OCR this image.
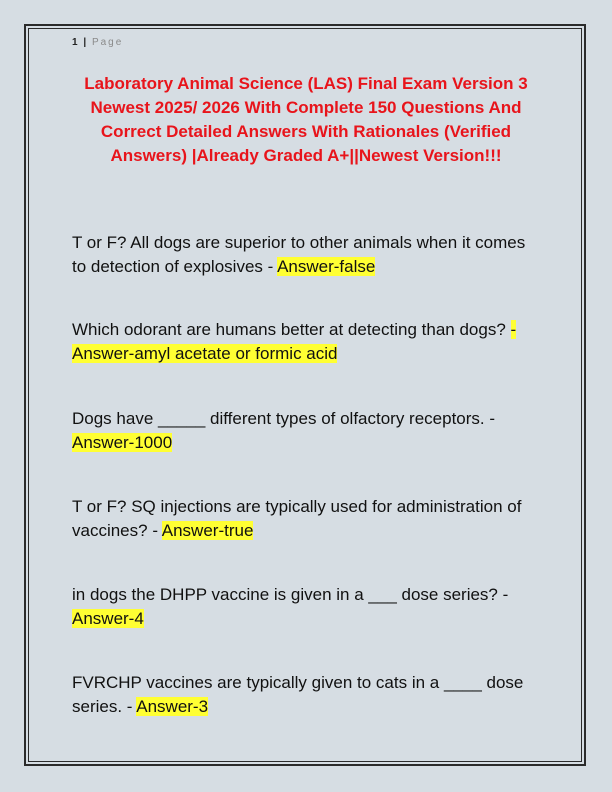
1 | Page
Laboratory Animal Science (LAS) Final Exam Version 3 Newest 2025/ 2026 With Complete 150 Questions And Correct Detailed Answers With Rationales (Verified Answers) |Already Graded A+||Newest Version!!!
T or F? All dogs are superior to other animals when it comes to detection of explosives - Answer-false
Which odorant are humans better at detecting than dogs? - Answer-amyl acetate or formic acid
Dogs have _____ different types of olfactory receptors. - Answer-1000
T or F? SQ injections are typically used for administration of vaccines? - Answer-true
in dogs the DHPP vaccine is given in a ___ dose series? - Answer-4
FVRCHP vaccines are typically given to cats in a ____ dose series. - Answer-3
